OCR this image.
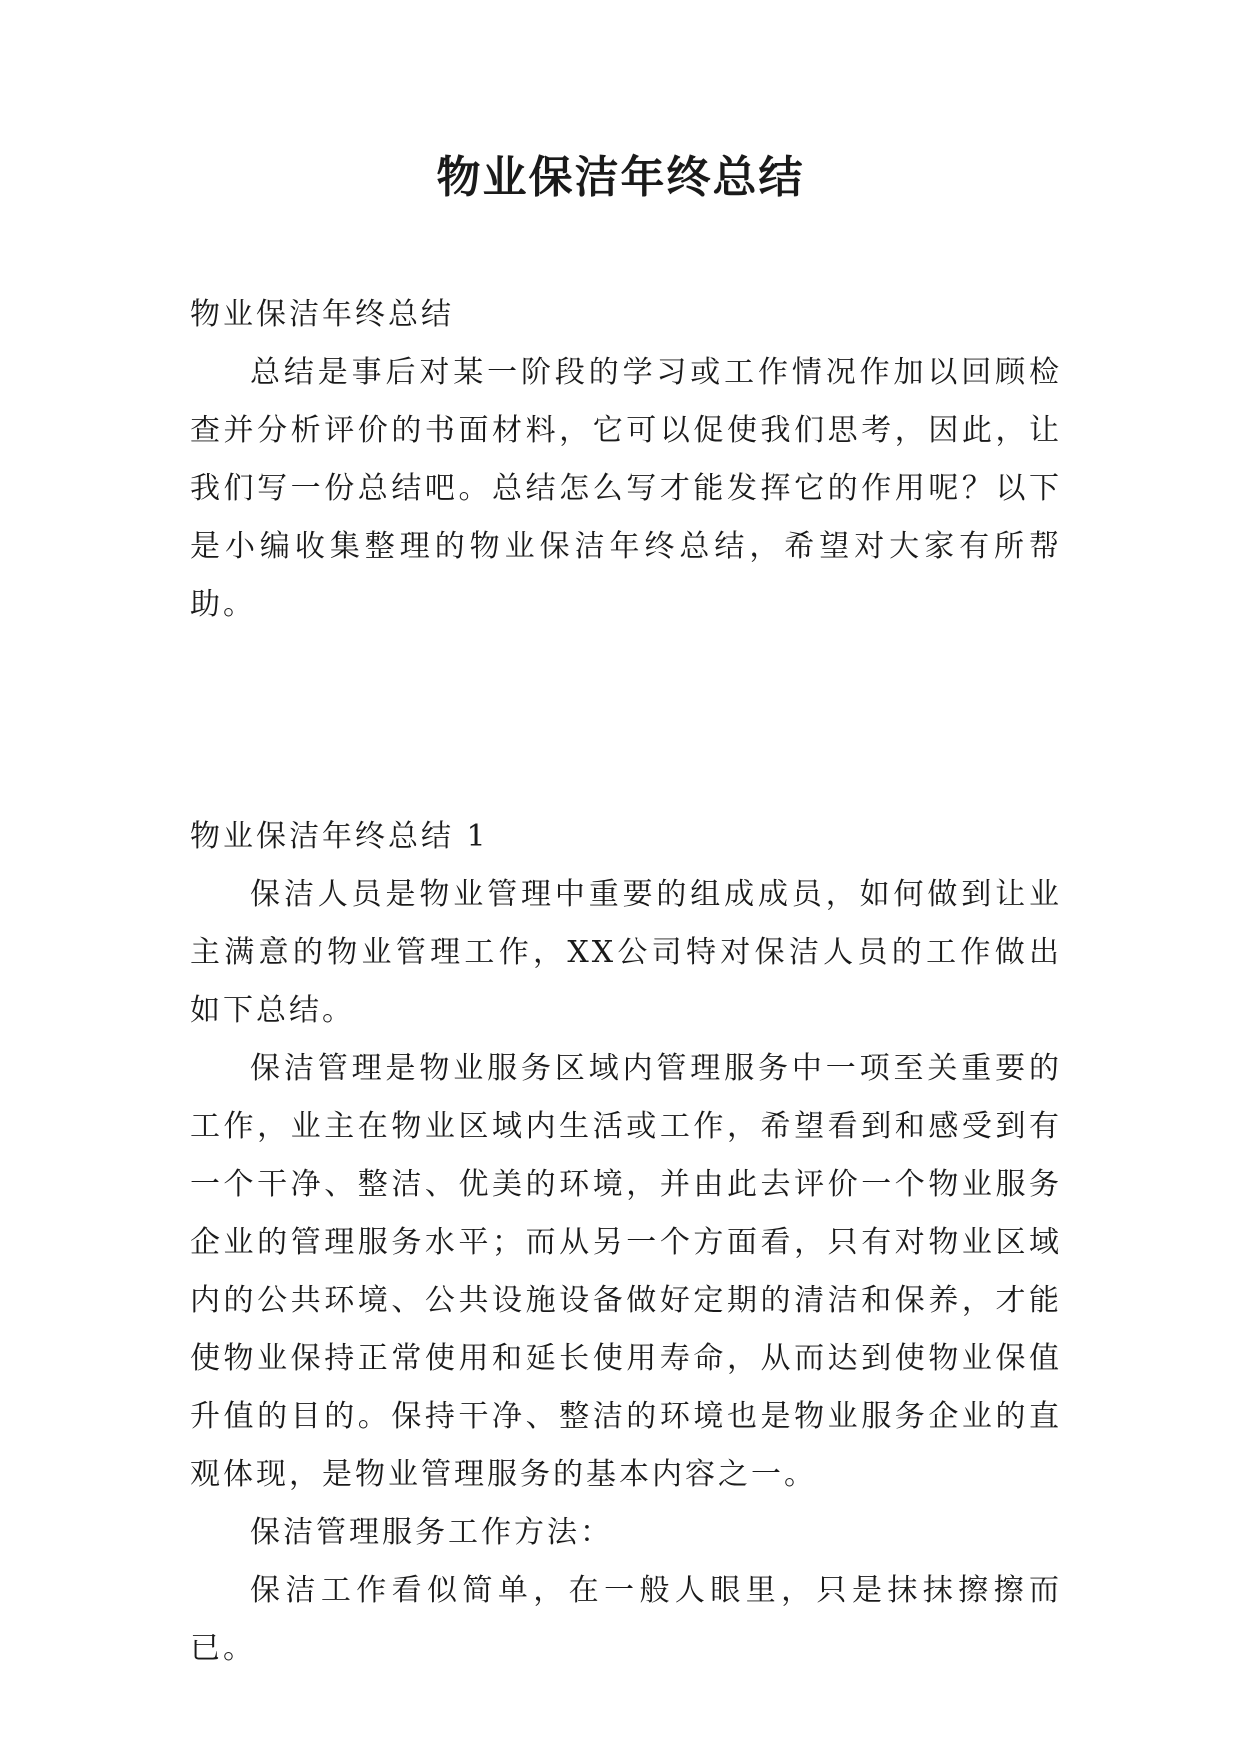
物业保洁年终总结

物业保洁年终总结

总结是事后对某一阶段的学习或工作情况作加以回顾检查并分析评价的书面材料，它可以促使我们思考，因此，让我们写一份总结吧。总结怎么写才能发挥它的作用呢？以下是小编收集整理的物业保洁年终总结，希望对大家有所帮助。

物业保洁年终总结 1

保洁人员是物业管理中重要的组成成员，如何做到让业主满意的物业管理工作，XX公司特对保洁人员的工作做出如下总结。

保洁管理是物业服务区域内管理服务中一项至关重要的工作，业主在物业区域内生活或工作，希望看到和感受到有一个干净、整洁、优美的环境，并由此去评价一个物业服务企业的管理服务水平；而从另一个方面看，只有对物业区域内的公共环境、公共设施设备做好定期的清洁和保养，才能使物业保持正常使用和延长使用寿命，从而达到使物业保值升值的目的。保持干净、整洁的环境也是物业服务企业的直观体现，是物业管理服务的基本内容之一。

保洁管理服务工作方法：

保洁工作看似简单，在一般人眼里，只是抹抹擦擦而已。
